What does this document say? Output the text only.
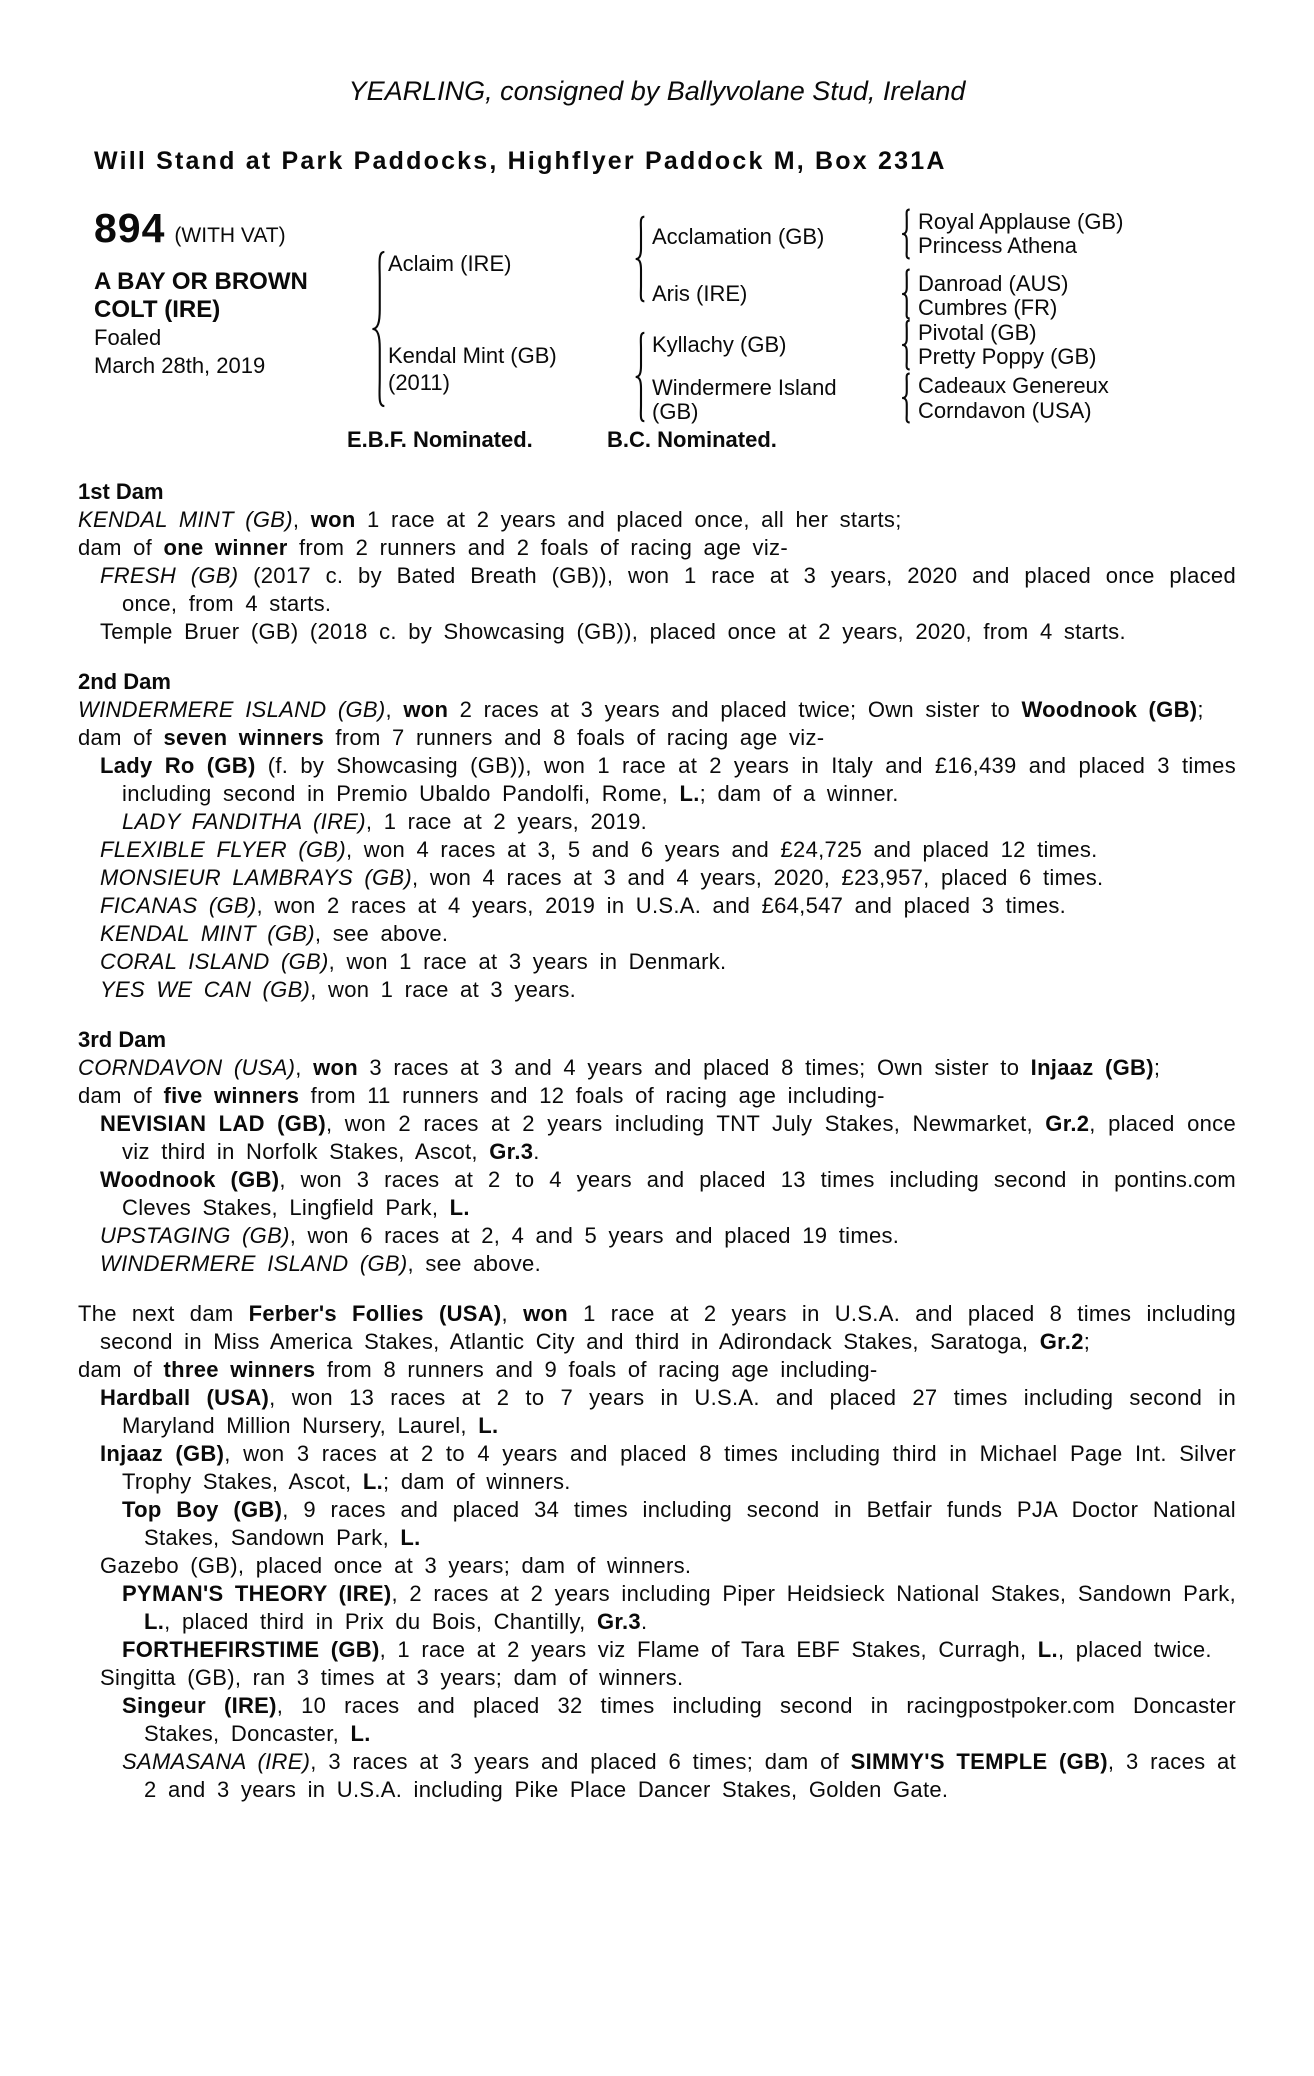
YEARLING, consigned by Ballyvolane Stud, Ireland
Will Stand at Park Paddocks, Highflyer Paddock M, Box 231A
894 (WITH VAT)
A BAY OR BROWN COLT (IRE)
Foaled
March 28th, 2019
Aclaim (IRE)
Kendal Mint (GB)
(2011)
Acclamation (GB)
Aris (IRE)
Kyllachy (GB)
Windermere Island (GB)
Royal Applause (GB)
Princess Athena
Danroad (AUS)
Cumbres (FR)
Pivotal (GB)
Pretty Poppy (GB)
Cadeaux Genereux
Corndavon (USA)
E.B.F. Nominated.	B.C. Nominated.
1st Dam

KENDAL MINT (GB), won 1 race at 2 years and placed once, all her starts;

dam of one winner from 2 runners and 2 foals of racing age viz-

FRESH (GB) (2017 c. by Bated Breath (GB)), won 1 race at 3 years, 2020 and placed once placed once, from 4 starts.

Temple Bruer (GB) (2018 c. by Showcasing (GB)), placed once at 2 years, 2020, from 4 starts.

2nd Dam

WINDERMERE ISLAND (GB), won 2 races at 3 years and placed twice; Own sister to Woodnook (GB);

dam of seven winners from 7 runners and 8 foals of racing age viz-

Lady Ro (GB) (f. by Showcasing (GB)), won 1 race at 2 years in Italy and £16,439 and placed 3 times including second in Premio Ubaldo Pandolfi, Rome, L.; dam of a winner.

LADY FANDITHA (IRE), 1 race at 2 years, 2019.

FLEXIBLE FLYER (GB), won 4 races at 3, 5 and 6 years and £24,725 and placed 12 times.

MONSIEUR LAMBRAYS (GB), won 4 races at 3 and 4 years, 2020, £23,957, placed 6 times.

FICANAS (GB), won 2 races at 4 years, 2019 in U.S.A. and £64,547 and placed 3 times.

KENDAL MINT (GB), see above.

CORAL ISLAND (GB), won 1 race at 3 years in Denmark.

YES WE CAN (GB), won 1 race at 3 years.

3rd Dam

CORNDAVON (USA), won 3 races at 3 and 4 years and placed 8 times; Own sister to Injaaz (GB);

dam of five winners from 11 runners and 12 foals of racing age including-

NEVISIAN LAD (GB), won 2 races at 2 years including TNT July Stakes, Newmarket, Gr.2, placed once viz third in Norfolk Stakes, Ascot, Gr.3.

Woodnook (GB), won 3 races at 2 to 4 years and placed 13 times including second in pontins.com Cleves Stakes, Lingfield Park, L.

UPSTAGING (GB), won 6 races at 2, 4 and 5 years and placed 19 times.

WINDERMERE ISLAND (GB), see above.

The next dam Ferber's Follies (USA), won 1 race at 2 years in U.S.A. and placed 8 times including second in Miss America Stakes, Atlantic City and third in Adirondack Stakes, Saratoga, Gr.2;

dam of three winners from 8 runners and 9 foals of racing age including-

Hardball (USA), won 13 races at 2 to 7 years in U.S.A. and placed 27 times including second in Maryland Million Nursery, Laurel, L.

Injaaz (GB), won 3 races at 2 to 4 years and placed 8 times including third in Michael Page Int. Silver Trophy Stakes, Ascot, L.; dam of winners.

Top Boy (GB), 9 races and placed 34 times including second in Betfair funds PJA Doctor National Stakes, Sandown Park, L.

Gazebo (GB), placed once at 3 years; dam of winners.

PYMAN'S THEORY (IRE), 2 races at 2 years including Piper Heidsieck National Stakes, Sandown Park, L., placed third in Prix du Bois, Chantilly, Gr.3.

FORTHEFIRSTIME (GB), 1 race at 2 years viz Flame of Tara EBF Stakes, Curragh, L., placed twice.

Singitta (GB), ran 3 times at 3 years; dam of winners.

Singeur (IRE), 10 races and placed 32 times including second in racingpostpoker.com Doncaster Stakes, Doncaster, L.

SAMASANA (IRE), 3 races at 3 years and placed 6 times; dam of SIMMY'S TEMPLE (GB), 3 races at 2 and 3 years in U.S.A. including Pike Place Dancer Stakes, Golden Gate.
